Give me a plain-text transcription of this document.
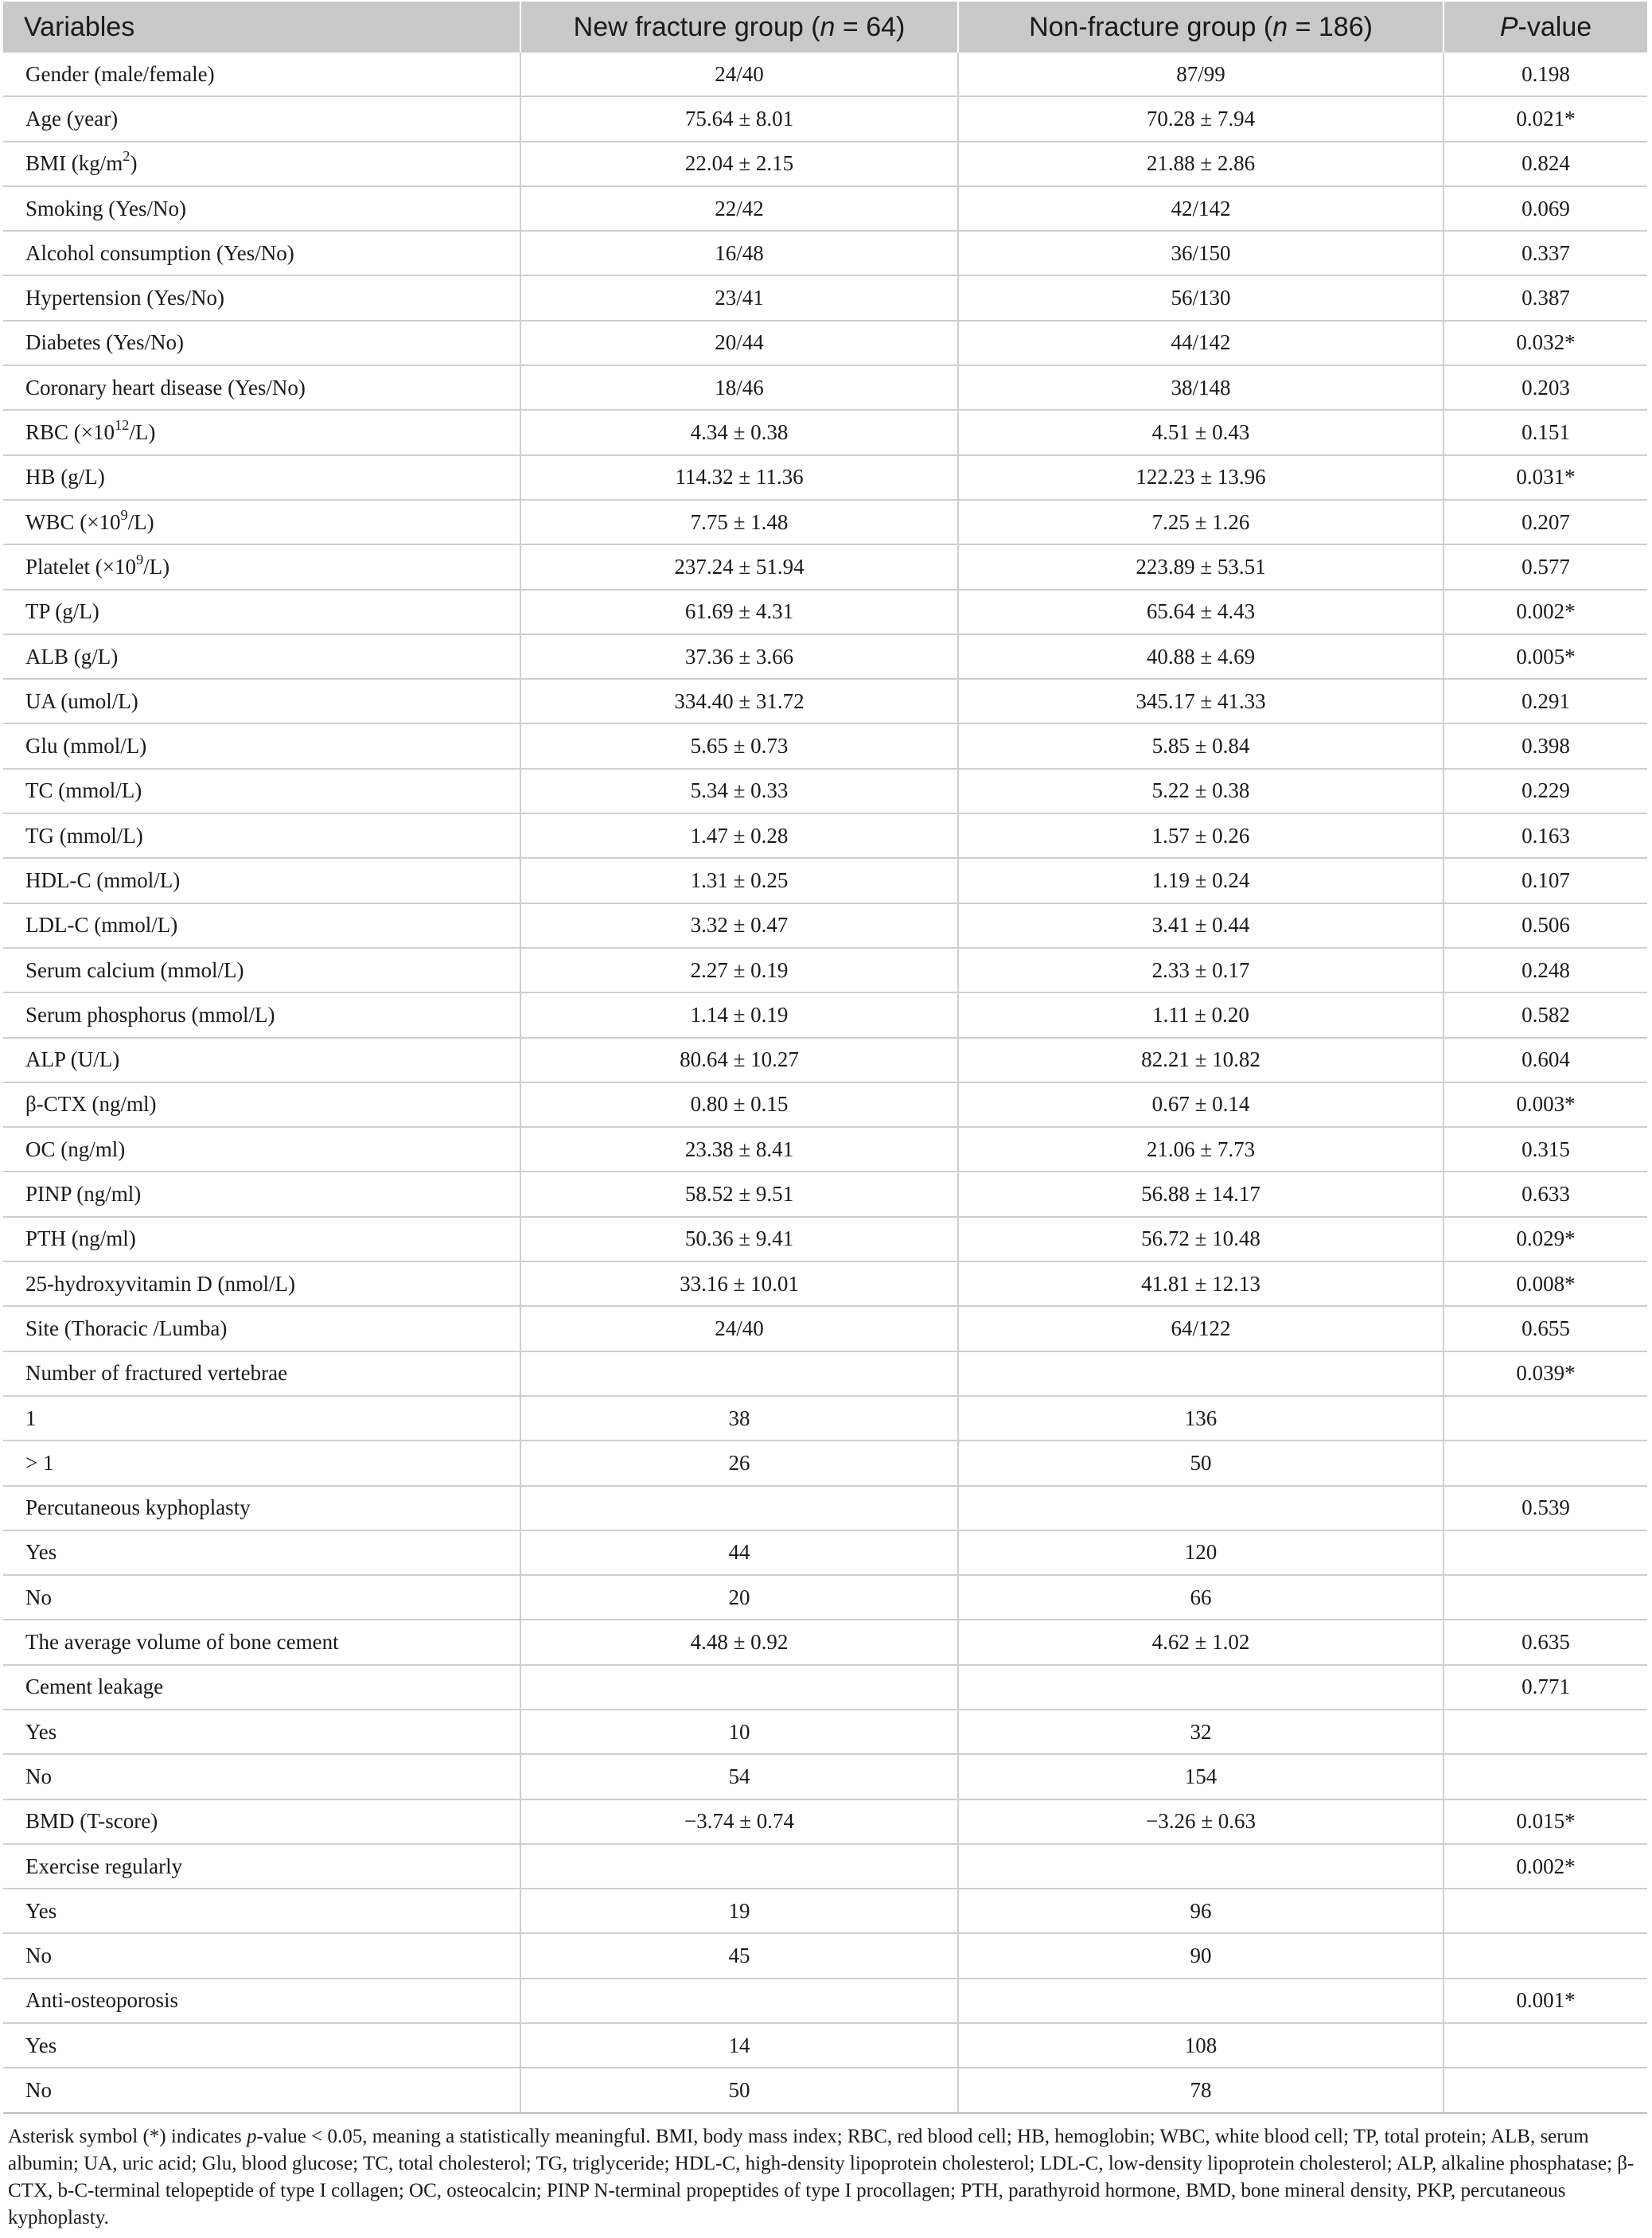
Variables	New fracture group (n = 64)	Non-fracture group (n = 186)	P-value
Gender (male/female)	24/40	87/99	0.198
Age (year)	75.64 ± 8.01	70.28 ± 7.94	0.021*
BMI $(kg/m^2)$	22.04 ± 2.15	21.88 ± 2.86	0.824
Smoking (Yes/No)	22/42	42/142	0.069
Alcohol consumption (Yes/No)	16/48	36/150	0.337
Hypertension (Yes/No)	23/41	56/130	0.387
Diabetes (Yes/No)	20/44	44/142	0.032*
Coronary heart disease (Yes/No)	18/46	38/148	0.203
RBC $(\times 10^{12}/L)$	4.34 ± 0.38	4.51 ± 0.43	0.151
HB (g/L)	114.32 ± 11.36	122.23 ± 13.96	0.031*
WBC $(\times 10^9/L)$	7.75 ± 1.48	7.25 ± 1.26	0.207
Platelet $(\times 10^9/L)$	237.24 ± 51.94	223.89 ± 53.51	0.577
TP (g/L)	61.69 ± 4.31	65.64 ± 4.43	0.002*
ALB (g/L)	37.36 ± 3.66	40.88 ± 4.69	0.005*
UA (umol/L)	334.40 ± 31.72	345.17 ± 41.33	0.291
Glu (mmol/L)	5.65 ± 0.73	5.85 ± 0.84	0.398
TC (mmol/L)	5.34 ± 0.33	5.22 ± 0.38	0.229
TG (mmol/L)	1.47 ± 0.28	1.57 ± 0.26	0.163
HDL-C (mmol/L)	1.31 ± 0.25	1.19 ± 0.24	0.107
LDL-C (mmol/L)	3.32 ± 0.47	3.41 ± 0.44	0.506
Serum calcium (mmol/L)	2.27 ± 0.19	2.33 ± 0.17	0.248
Serum phosphorus (mmol/L)	1.14 ± 0.19	1.11 ± 0.20	0.582
ALP (U/L)	80.64 ± 10.27	82.21 ± 10.82	0.604
β-CTX (ng/ml)	0.80 ± 0.15	0.67 ± 0.14	0.003*
OC (ng/ml)	23.38 ± 8.41	21.06 ± 7.73	0.315
PINP (ng/ml)	58.52 ± 9.51	56.88 ± 14.17	0.633
PTH (ng/ml)	50.36 ± 9.41	56.72 ± 10.48	0.029*
25-hydroxyvitamin D (nmol/L)	33.16 ± 10.01	41.81 ± 12.13	0.008*
Site (Thoracic /Lumba)	24/40	64/122	0.655
Number of fractured vertebrae			0.039*
1	38	136	
> 1	26	50	
Percutaneous kyphoplasty			0.539
Yes	44	120	
No	20	66	
The average volume of bone cement	4.48 ± 0.92	4.62 ± 1.02	0.635
Cement leakage			0.771
Yes	10	32	
No	54	154	
BMD (T-score)	−3.74 ± 0.74	−3.26 ± 0.63	0.015*
Exercise regularly			0.002*
Yes	19	96	
No	45	90	
Anti-osteoporosis			0.001*
Yes	14	108	
No	50	78	
Asterisk symbol (*) indicates p-value < 0.05, meaning a statistically meaningful. BMI, body mass index; RBC, red blood cell; HB, hemoglobin; WBC, white blood cell; TP, total protein; ALB, serum albumin; UA, uric acid; Glu, blood glucose; TC, total cholesterol; TG, triglyceride; HDL-C, high-density lipoprotein cholesterol; LDL-C, low-density lipoprotein cholesterol; ALP, alkaline phosphatase; β-CTX, b-C-terminal telopeptide of type I collagen; OC, osteocalcin; PINP N-terminal propeptides of type I procollagen; PTH, parathyroid hormone, BMD, bone mineral density, PKP, percutaneous kyphoplasty.
